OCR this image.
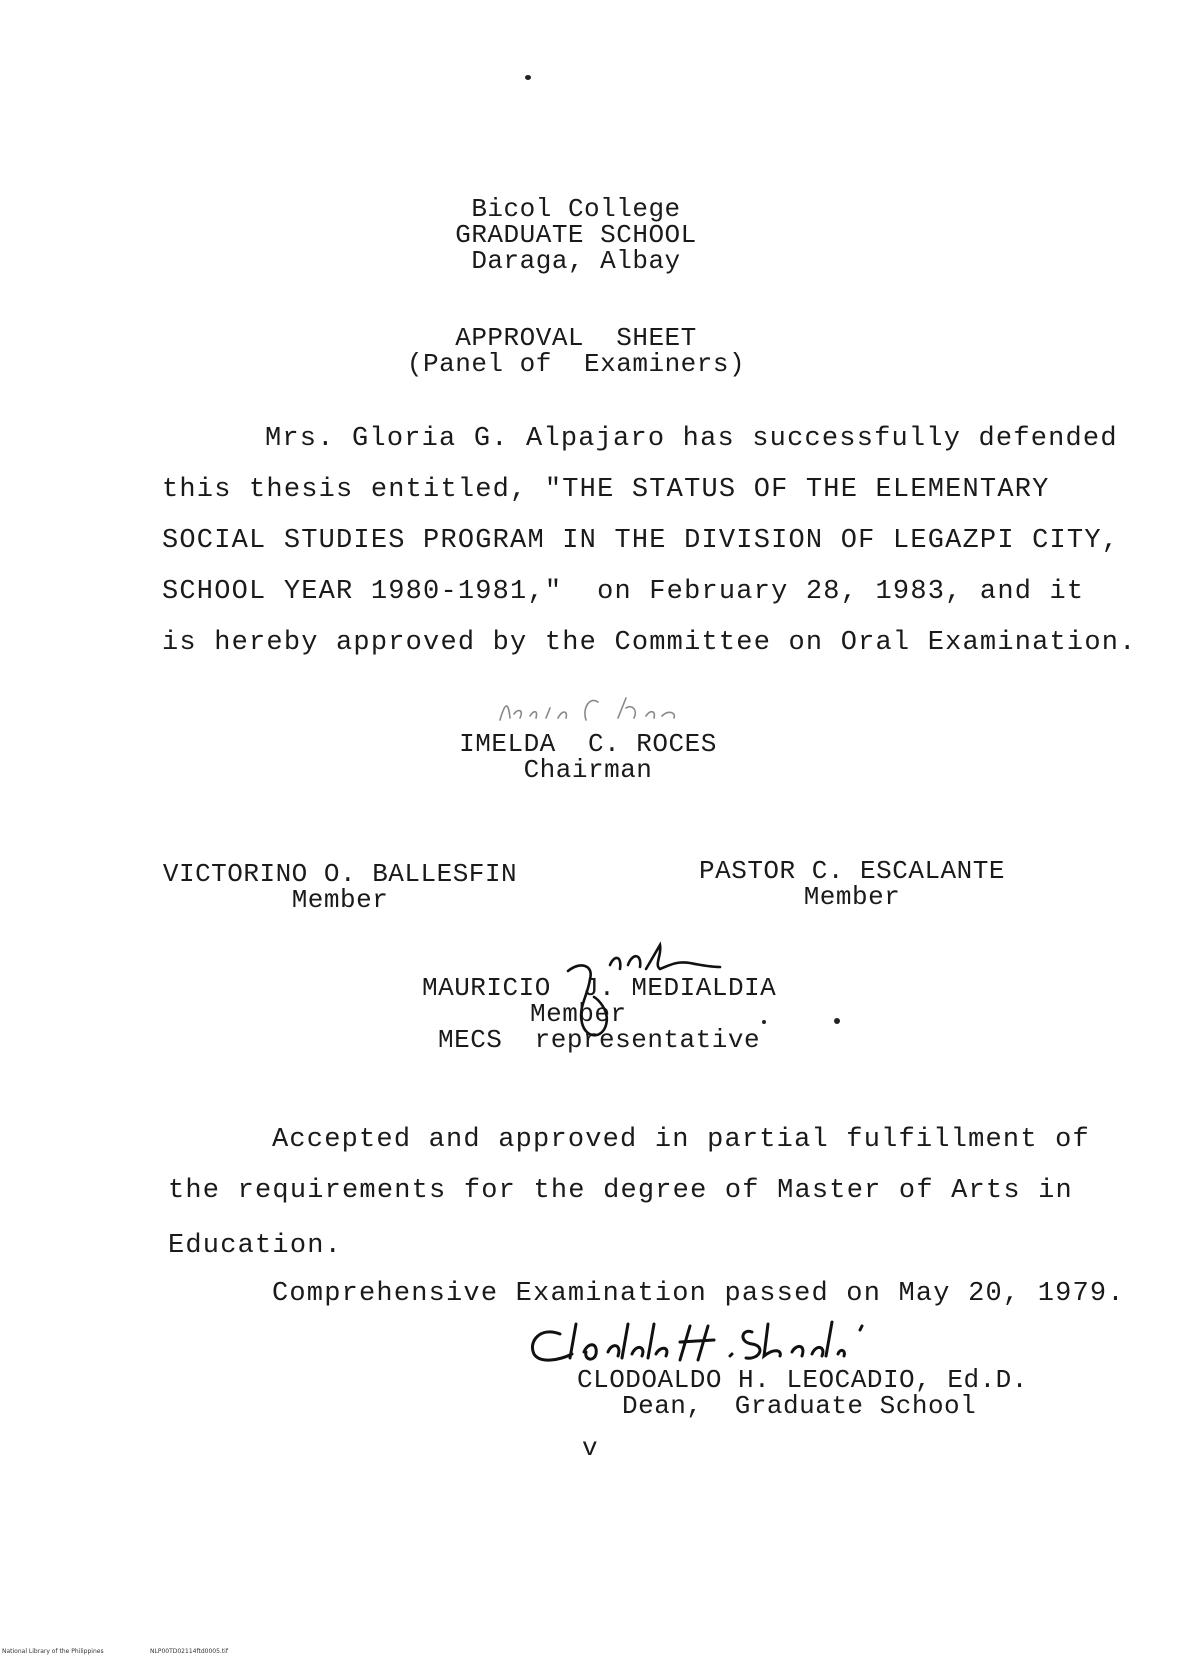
Bicol College
GRADUATE SCHOOL
Daraga, Albay
APPROVAL  SHEET
(Panel of  Examiners)
Mrs. Gloria G. Alpajaro has successfully defended
this thesis entitled, "THE STATUS OF THE ELEMENTARY
SOCIAL STUDIES PROGRAM IN THE DIVISION OF LEGAZPI CITY,
SCHOOL YEAR 1980-1981,"  on February 28, 1983, and it
is hereby approved by the Committee on Oral Examination.
IMELDA  C. ROCES
Chairman
VICTORINO O. BALLESFIN
Member
PASTOR C. ESCALANTE
Member
MAURICIO  J. MEDIALDIA
Member
MECS  representative
Accepted and approved in partial fulfillment of
the requirements for the degree of Master of Arts in
Education.
Comprehensive Examination passed on May 20, 1979.
CLODOALDO H. LEOCADIO, Ed.D.
Dean,  Graduate School
v
National Library of the Philippines	NLP00TD02114ftd0005.tif
